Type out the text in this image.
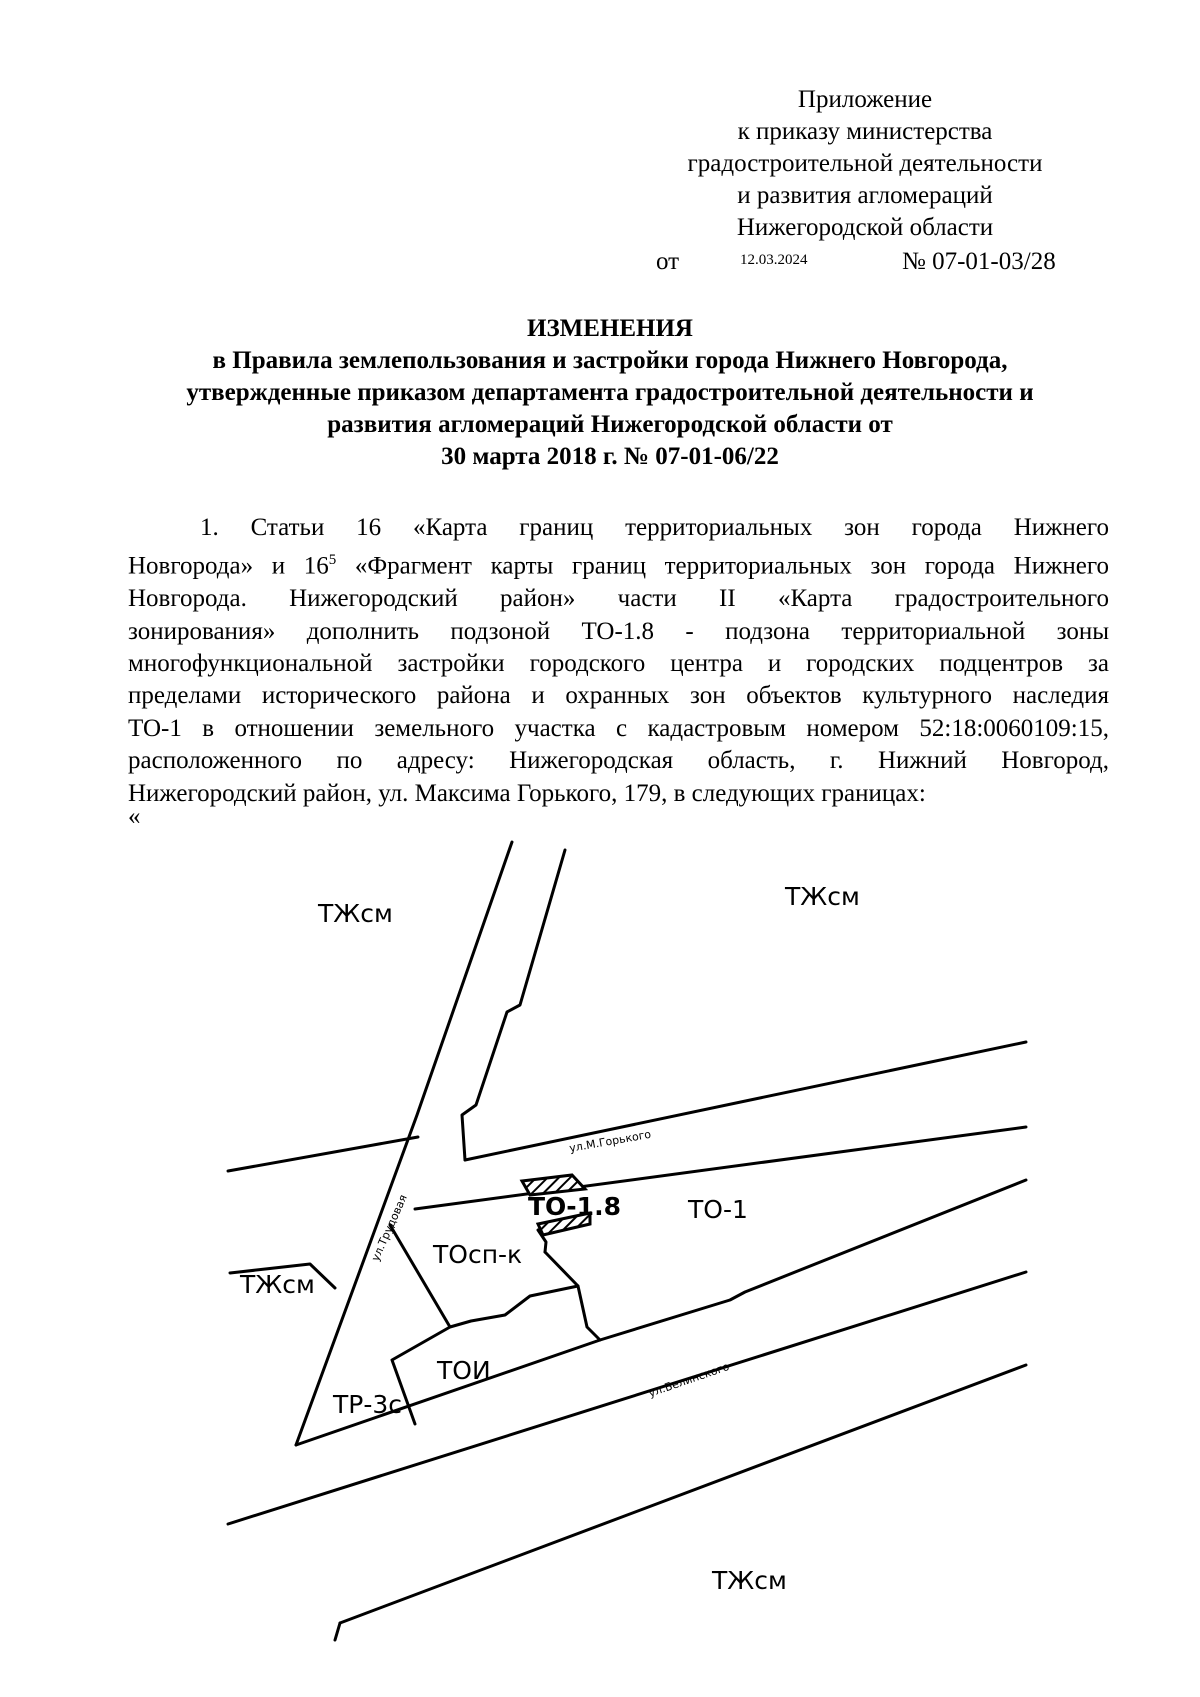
Приложение
к приказу министерства
градостроительной деятельности
и развития агломераций
Нижегородской области
от	12.03.2024	№ 07-01-03/28
ИЗМЕНЕНИЯ
в Правила землепользования и застройки города Нижнего Новгорода,
утвержденные приказом департамента градостроительной деятельности и
развития агломераций Нижегородской области от
30 марта 2018 г. № 07-01-06/22
1. Статьи 16 «Карта границ территориальных зон города Нижнего
Новгорода» и $16^5$ «Фрагмент карты границ территориальных зон города Нижнего
Новгорода. Нижегородский район» части II «Карта градостроительного
зонирования» дополнить подзоной ТО-1.8 - подзона территориальной зоны
многофункциональной застройки городского центра и городских подцентров за
пределами исторического района и охранных зон объектов культурного наследия
ТО-1 в отношении земельного участка с кадастровым номером 52:18:0060109:15,
расположенного по адресу: Нижегородская область, г. Нижний Новгород,
Нижегородский район, ул. Максима Горького, 179, в следующих границах:
«
ТЖсм
ТЖсм
ТЖсм
ТЖсм
ТО-1
ТО-1.8
ТОсп-к
ТОИ
ТР-3с
ул.М.Горького
ул.Трудовая
ул.Белинского
